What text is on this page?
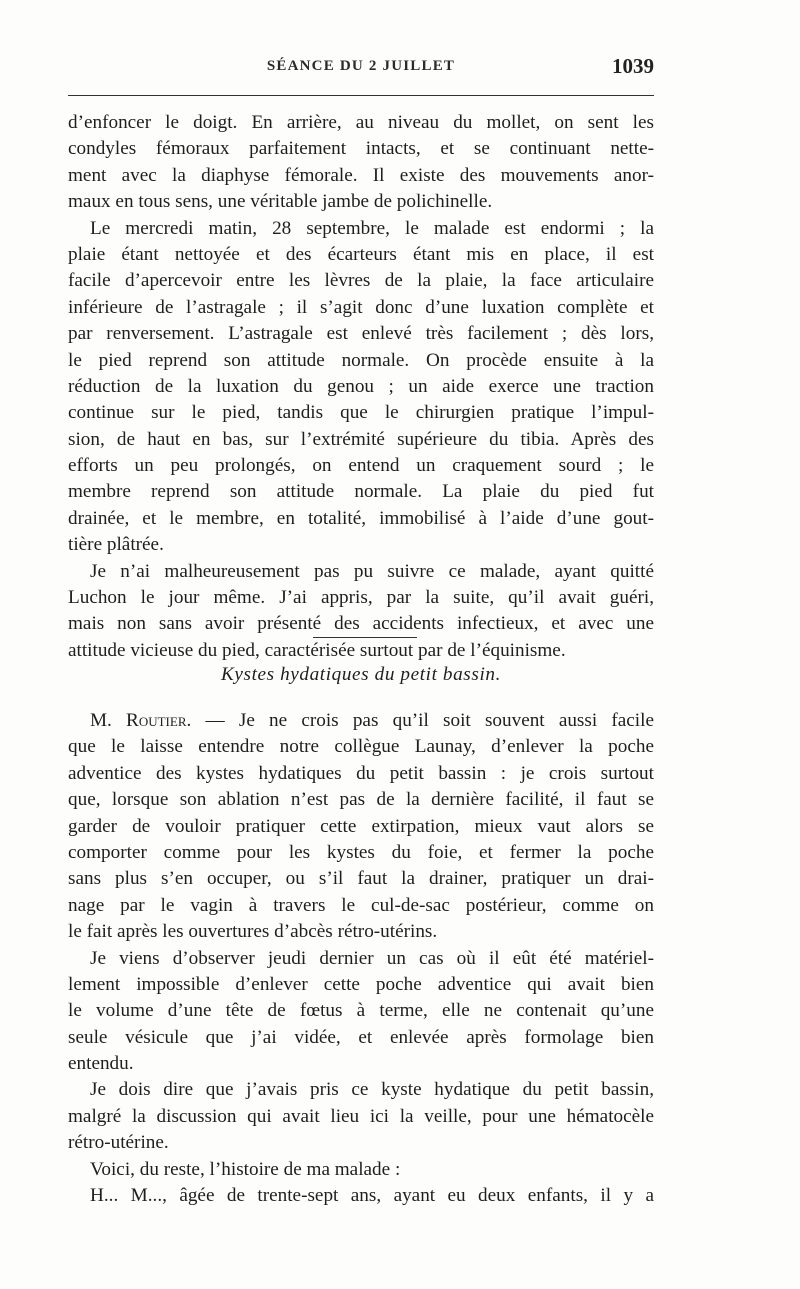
SÉANCE DU 2 JUILLET	1039
d’enfoncer le doigt. En arrière, au niveau du mollet, on sent les
condyles fémoraux parfaitement intacts, et se continuant nette-
ment avec la diaphyse fémorale. Il existe des mouvements anor-
maux en tous sens, une véritable jambe de polichinelle.
Le mercredi matin, 28 septembre, le malade est endormi ; la
plaie étant nettoyée et des écarteurs étant mis en place, il est
facile d’apercevoir entre les lèvres de la plaie, la face articulaire
inférieure de l’astragale ; il s’agit donc d’une luxation complète et
par renversement. L’astragale est enlevé très facilement ; dès lors,
le pied reprend son attitude normale. On procède ensuite à la
réduction de la luxation du genou ; un aide exerce une traction
continue sur le pied, tandis que le chirurgien pratique l’impul-
sion, de haut en bas, sur l’extrémité supérieure du tibia. Après des
efforts un peu prolongés, on entend un craquement sourd ; le
membre reprend son attitude normale. La plaie du pied fut
drainée, et le membre, en totalité, immobilisé à l’aide d’une gout-
tière plâtrée.
Je n’ai malheureusement pas pu suivre ce malade, ayant quitté
Luchon le jour même. J’ai appris, par la suite, qu’il avait guéri,
mais non sans avoir présenté des accidents infectieux, et avec une
attitude vicieuse du pied, caractérisée surtout par de l’équinisme.
Kystes hydatiques du petit bassin.
M. Routier. — Je ne crois pas qu’il soit souvent aussi facile
que le laisse entendre notre collègue Launay, d’enlever la poche
adventice des kystes hydatiques du petit bassin : je crois surtout
que, lorsque son ablation n’est pas de la dernière facilité, il faut se
garder de vouloir pratiquer cette extirpation, mieux vaut alors se
comporter comme pour les kystes du foie, et fermer la poche
sans plus s’en occuper, ou s’il faut la drainer, pratiquer un drai-
nage par le vagin à travers le cul-de-sac postérieur, comme on
le fait après les ouvertures d’abcès rétro-utérins.
Je viens d’observer jeudi dernier un cas où il eût été matériel-
lement impossible d’enlever cette poche adventice qui avait bien
le volume d’une tête de fœtus à terme, elle ne contenait qu’une
seule vésicule que j’ai vidée, et enlevée après formolage bien
entendu.
Je dois dire que j’avais pris ce kyste hydatique du petit bassin,
malgré la discussion qui avait lieu ici la veille, pour une hématocèle
rétro-utérine.
Voici, du reste, l’histoire de ma malade :
H... M..., âgée de trente-sept ans, ayant eu deux enfants, il y a
